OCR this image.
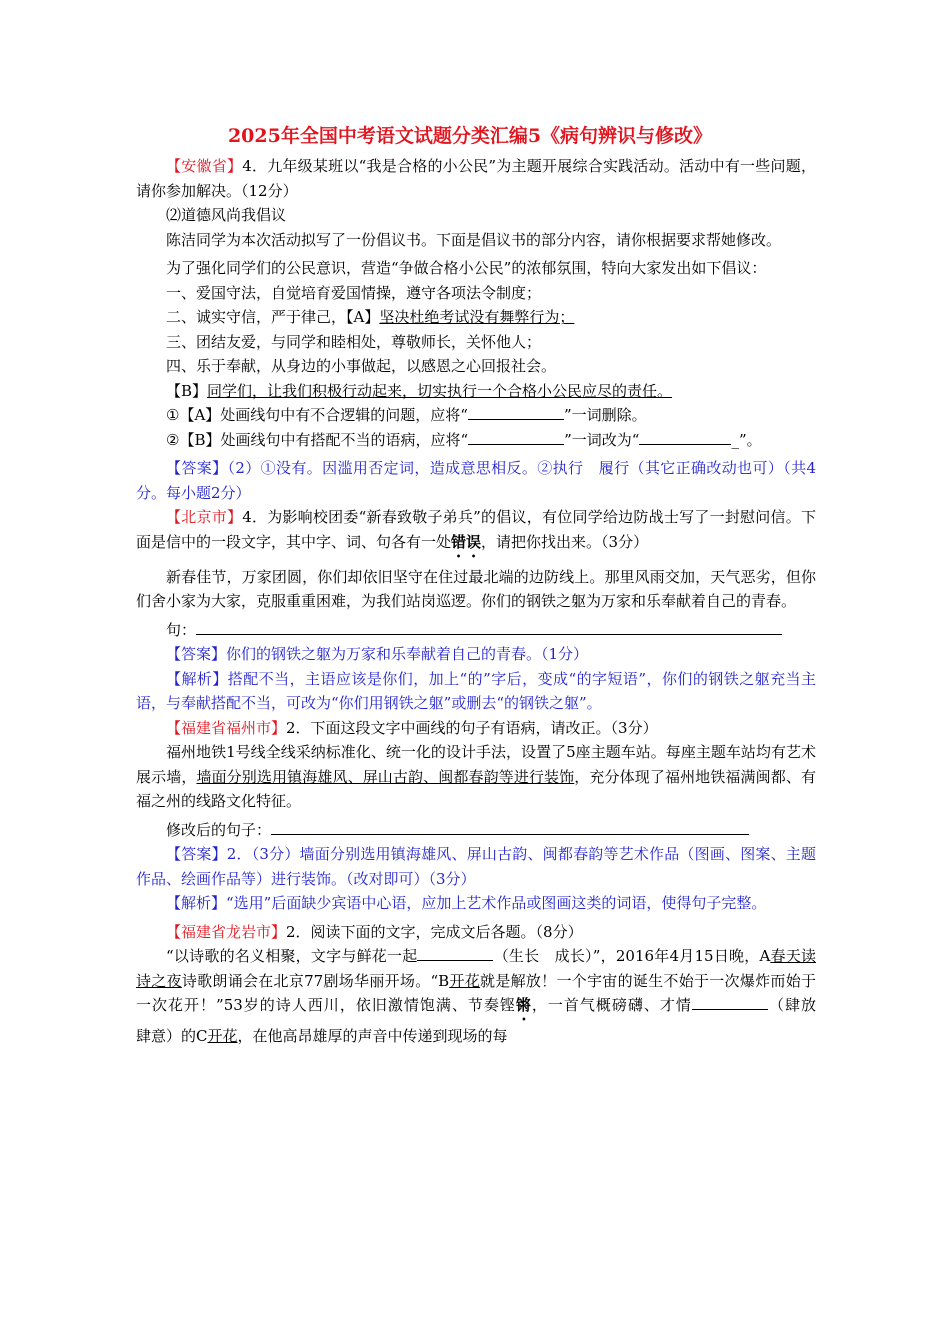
2025年全国中考语文试题分类汇编5《病句辨识与修改》

【安徽省】4．九年级某班以“我是合格的小公民”为主题开展综合实践活动。活动中有一些问题，请你参加解决。（12分）

⑵道德风尚我倡议

陈洁同学为本次活动拟写了一份倡议书。下面是倡议书的部分内容，请你根据要求帮她修改。

为了强化同学们的公民意识，营造“争做合格小公民”的浓郁氛围，特向大家发出如下倡议：

一、爱国守法，自觉培育爱国情操，遵守各项法令制度；

二、诚实守信，严于律己，【A】坚决杜绝考试没有舞弊行为；

三、团结友爱，与同学和睦相处，尊敬师长，关怀他人；

四、乐于奉献，从身边的小事做起，以感恩之心回报社会。

【B】同学们，让我们积极行动起来，切实执行一个合格小公民应尽的责任。

①【A】处画线句中有不合逻辑的问题，应将“	”一词删除。

②【B】处画线句中有搭配不当的语病，应将“	”一词改为“	_”。

【答案】（2）①没有。因滥用否定词，造成意思相反。②执行　履行（其它正确改动也可）（共4分。每小题2分）

【北京市】4．为影响校团委“新春致敬子弟兵”的倡议，有位同学给边防战士写了一封慰问信。下面是信中的一段文字，其中字、词、句各有一处错误，请把你找出来。（3分）

新春佳节，万家团圆，你们却依旧坚守在住过最北端的边防线上。那里风雨交加，天气恶劣，但你们舍小家为大家，克服重重困难，为我们站岗巡逻。你们的钢铁之躯为万家和乐奉献着自己的青春。

句：

【答案】你们的钢铁之躯为万家和乐奉献着自己的青春。（1分）

【解析】搭配不当，主语应该是你们，加上“的”字后，变成“的字短语”，你们的钢铁之躯充当主语，与奉献搭配不当，可改为“你们用钢铁之躯”或删去“的钢铁之躯”。

【福建省福州市】2．下面这段文字中画线的句子有语病，请改正。（3分）

福州地铁1号线全线采纳标准化、统一化的设计手法，设置了5座主题车站。每座主题车站均有艺术展示墙，墙面分别选用镇海雄风、屏山古韵、闽都春韵等进行装饰，充分体现了福州地铁福满闽都、有福之州的线路文化特征。

修改后的句子：

【答案】2．（3分）墙面分别选用镇海雄风、屏山古韵、闽都春韵等艺术作品（图画、图案、主题作品、绘画作品等）进行装饰。（改对即可）（3分）

【解析】“选用”后面缺少宾语中心语，应加上艺术作品或图画这类的词语，使得句子完整。

【福建省龙岩市】2．阅读下面的文字，完成文后各题。（8分）

“以诗歌的名义相聚，文字与鲜花一起	（生长　成长）”，2016年4月15日晚，A春天读诗之夜诗歌朗诵会在北京77剧场华丽开场。“B开花就是解放！一个宇宙的诞生不始于一次爆炸而始于一次花开！”53岁的诗人西川，依旧激情饱满、节奏铿锵，一首气概磅礴、才情	（肆放　　肆意）的C开花，在他高昂雄厚的声音中传递到现场的每
